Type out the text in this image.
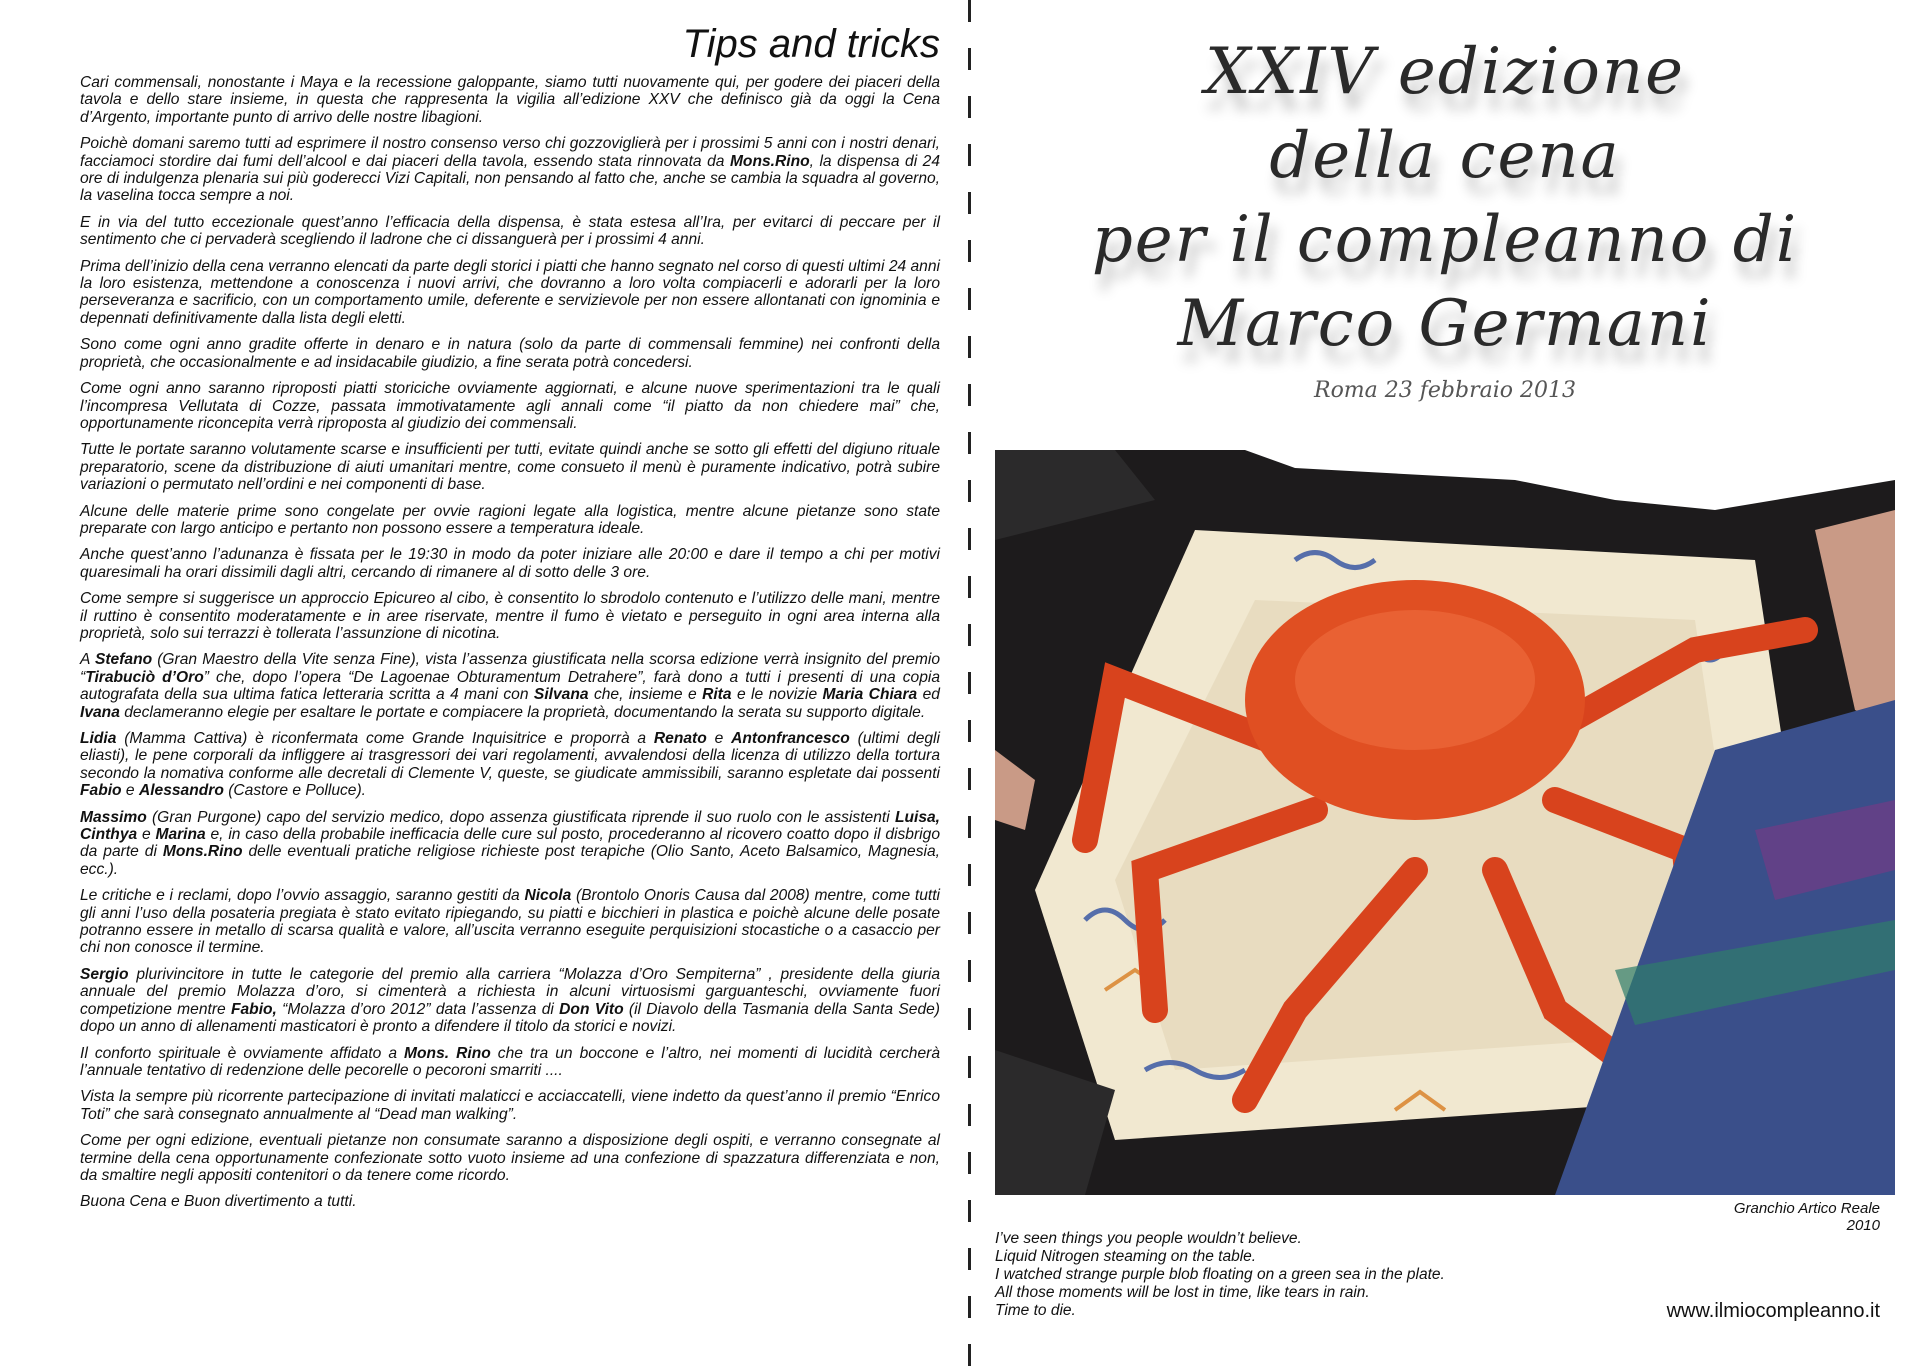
Tips and tricks

Cari commensali, nonostante i Maya e la recessione galoppante, siamo tutti nuovamente qui, per godere dei piaceri della tavola e dello stare insieme, in questa che rappresenta la vigilia all’edizione XXV che definisco già da oggi la Cena d’Argento, importante punto di arrivo delle nostre libagioni.

Poichè domani saremo tutti ad esprimere il nostro consenso verso chi gozzoviglierà per i prossimi 5 anni con i nostri denari, facciamoci stordire dai fumi dell’alcool e dai piaceri della tavola, essendo stata rinnovata da Mons.Rino, la dispensa di 24 ore di indulgenza plenaria sui più goderecci Vizi Capitali, non pensando al fatto che, anche se cambia la squadra al governo, la vaselina tocca sempre a noi.

E in via del tutto eccezionale quest’anno l’efficacia della dispensa, è stata estesa all’Ira, per evitarci di peccare per il sentimento che ci pervaderà scegliendo il ladrone che ci dissanguerà per i prossimi 4 anni.

Prima dell’inizio della cena verranno elencati da parte degli storici i piatti che hanno segnato nel corso di questi ultimi 24 anni la loro esistenza, mettendone a conoscenza i nuovi arrivi, che dovranno a loro volta compiacerli e adorarli per la loro perseveranza e sacrificio, con un comportamento umile, deferente e servizievole per non essere allontanati con ignominia e depennati definitivamente dalla lista degli eletti.

Sono come ogni anno gradite offerte in denaro e in natura (solo da parte di commensali femmine) nei confronti della proprietà, che occasionalmente e ad insidacabile giudizio, a fine serata potrà concedersi.

Come ogni anno saranno riproposti piatti storiciche ovviamente aggiornati, e alcune nuove sperimentazioni tra le quali l’incompresa Vellutata di Cozze, passata immotivatamente agli annali come “il piatto da non chiedere mai” che, opportunamente riconcepita verrà riproposta al giudizio dei commensali.

Tutte le portate saranno volutamente scarse e insufficienti per tutti, evitate quindi anche se sotto gli effetti del digiuno rituale preparatorio, scene da distribuzione di aiuti umanitari mentre, come consueto il menù è puramente indicativo, potrà subire variazioni o permutato nell’ordini e nei componenti di base.

Alcune delle materie prime sono congelate per ovvie ragioni legate alla logistica, mentre alcune pietanze sono state preparate con largo anticipo e pertanto non possono essere a temperatura ideale.

Anche quest’anno l’adunanza è fissata per le 19:30 in modo da poter iniziare alle 20:00 e dare il tempo a chi per motivi quaresimali ha orari dissimili dagli altri, cercando di rimanere al di sotto delle 3 ore.

Come sempre si suggerisce un approccio Epicureo al cibo, è consentito lo sbrodolo contenuto e l’utilizzo delle mani, mentre il ruttino è consentito moderatamente e in aree riservate, mentre il fumo è vietato e perseguito in ogni area interna alla proprietà, solo sui terrazzi è tollerata l’assunzione di nicotina.

A Stefano (Gran Maestro della Vite senza Fine), vista l’assenza giustificata nella scorsa edizione verrà insignito del premio “Tirabuciò d’Oro” che, dopo l’opera “De Lagoenae Obturamentum Detrahere”, farà dono a tutti i presenti di una copia autografata della sua ultima fatica letteraria scritta a 4 mani con Silvana che, insieme e Rita e le novizie Maria Chiara ed Ivana declameranno elegie per esaltare le portate e compiacere la proprietà, documentando la serata su supporto digitale.

Lidia (Mamma Cattiva) è riconfermata come Grande Inquisitrice e proporrà a Renato e Antonfrancesco (ultimi degli eliasti), le pene corporali da infliggere ai trasgressori dei vari regolamenti, avvalendosi della licenza di utilizzo della tortura secondo la nomativa conforme alle decretali di Clemente V, queste, se giudicate ammissibili, saranno espletate dai possenti Fabio e Alessandro (Castore e Polluce).

Massimo (Gran Purgone) capo del servizio medico, dopo assenza giustificata riprende il suo ruolo con le assistenti Luisa, Cinthya e Marina e, in caso della probabile inefficacia delle cure sul posto, procederanno al ricovero coatto dopo il disbrigo da parte di Mons.Rino delle eventuali pratiche religiose richieste post terapiche (Olio Santo, Aceto Balsamico, Magnesia, ecc.).

Le critiche e i reclami, dopo l’ovvio assaggio, saranno gestiti da Nicola (Brontolo Onoris Causa dal 2008) mentre, come tutti gli anni l’uso della posateria pregiata è stato evitato ripiegando, su piatti e bicchieri in plastica e poichè alcune delle posate potranno essere in metallo di scarsa qualità e valore, all’uscita verranno eseguite perquisizioni stocastiche o a casaccio per chi non conosce il termine.

Sergio plurivincitore in tutte le categorie del premio alla carriera “Molazza d’Oro Sempiterna” , presidente della giuria annuale del premio Molazza d’oro, si cimenterà a richiesta in alcuni virtuosismi garguanteschi, ovviamente fuori competizione mentre Fabio, “Molazza d’oro 2012” data l’assenza di Don Vito (il Diavolo della Tasmania della Santa Sede) dopo un anno di allenamenti masticatori è pronto a difendere il titolo da storici e novizi.

Il conforto spirituale è ovviamente affidato a Mons. Rino che tra un boccone e l’altro, nei momenti di lucidità cercherà l’annuale tentativo di redenzione delle pecorelle o pecoroni smarriti ....

Vista la sempre più ricorrente partecipazione di invitati malaticci e acciaccatelli, viene indetto da quest’anno il premio “Enrico Toti” che sarà consegnato annualmente al “Dead man walking”.

Come per ogni edizione, eventuali pietanze non consumate saranno a disposizione degli ospiti, e verranno consegnate al termine della cena opportunamente confezionate sotto vuoto insieme ad una confezione di spazzatura differenziata e non, da smaltire negli appositi contenitori o da tenere come ricordo.

Buona Cena e Buon divertimento a tutti.

XXIV edizione
della cena
per il compleanno di
Marco Germani
Roma 23 febbraio 2013
Granchio Artico Reale
2010
I’ve seen things you people wouldn’t believe.
Liquid Nitrogen steaming on the table.
I watched strange purple blob floating on a green sea in the plate.
All those moments will be lost in time, like tears in rain.
Time to die.	www.ilmiocompleanno.it
